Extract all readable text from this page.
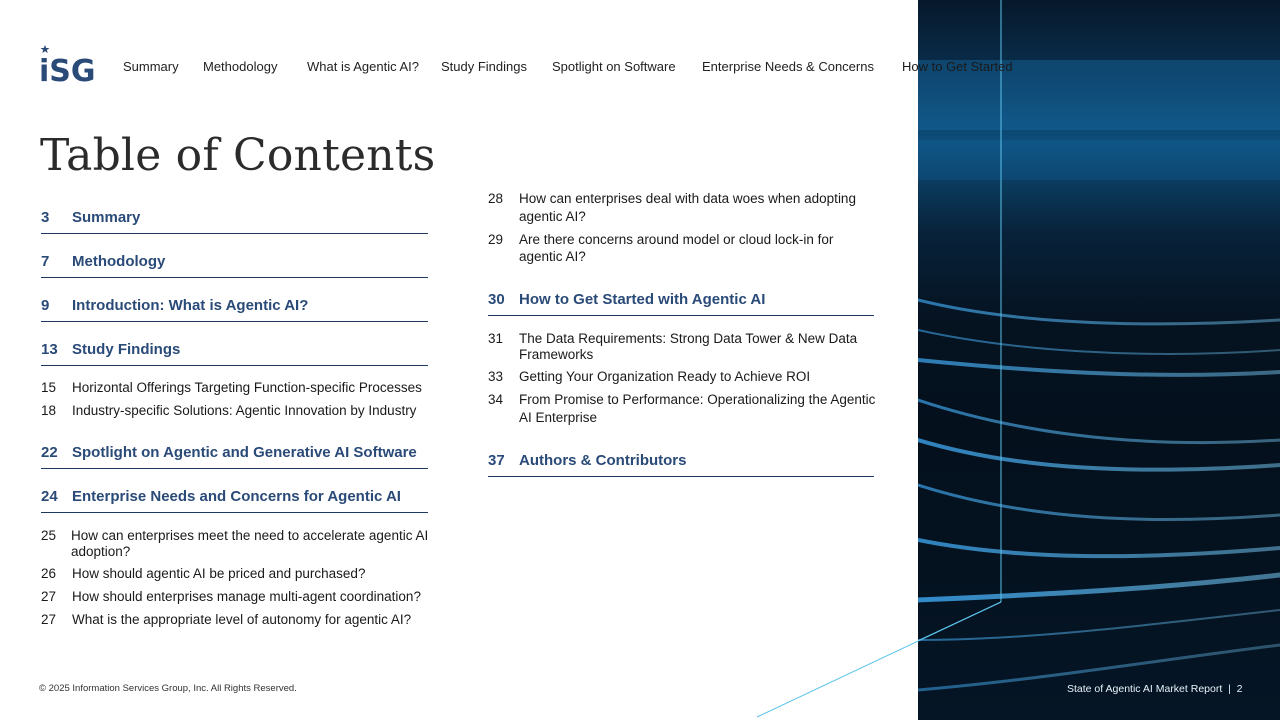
iSG Summary Methodology What is Agentic AI? Study Findings Spotlight on Software Enterprise Needs & Concerns How to Get Started
Table of Contents
3 Summary
7 Methodology
9 Introduction: What is Agentic AI?
13 Study Findings
15 Horizontal Offerings Targeting Function-specific Processes
18 Industry-specific Solutions: Agentic Innovation by Industry
22 Spotlight on Agentic and Generative AI Software
24 Enterprise Needs and Concerns for Agentic AI
25 How can enterprises meet the need to accelerate agentic AI
adoption?
26 How should agentic AI be priced and purchased?
27 How should enterprises manage multi-agent coordination?
27 What is the appropriate level of autonomy for agentic AI?
28 How can enterprises deal with data woes when adopting
agentic AI?
29 Are there concerns around model or cloud lock-in for
agentic AI?
30 How to Get Started with Agentic AI
31 The Data Requirements: Strong Data Tower & New Data
Frameworks
33 Getting Your Organization Ready to Achieve ROI
34 From Promise to Performance: Operationalizing the Agentic
AI Enterprise
37 Authors & Contributors
© 2025 Information Services Group, Inc. All Rights Reserved.	State of Agentic AI Market Report  |  2
